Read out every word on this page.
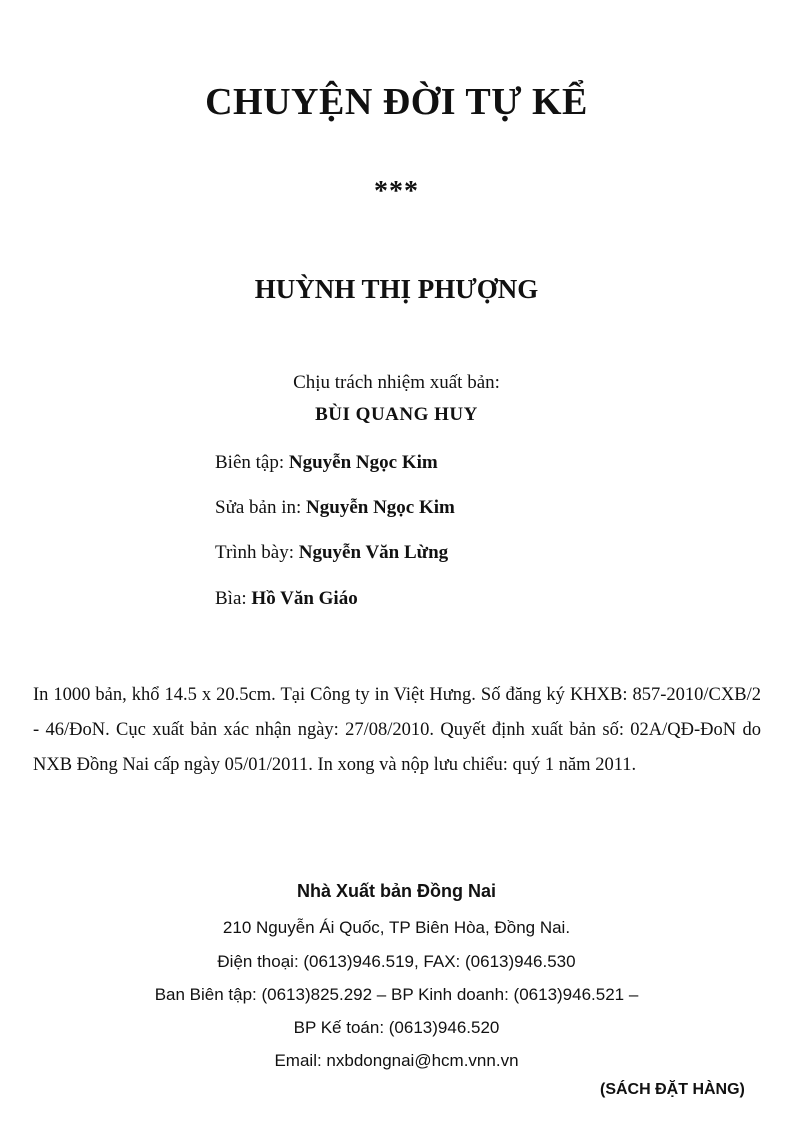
CHUYỆN ĐỜI TỰ KỂ
***
HUỲNH THỊ PHƯỢNG
Chịu trách nhiệm xuất bản:
BÙI QUANG HUY
Biên tập: Nguyễn Ngọc Kim
Sửa bản in: Nguyễn Ngọc Kim
Trình bày: Nguyễn Văn Lừng
Bìa: Hồ Văn Giáo

In 1000 bản, khổ 14.5 x 20.5cm. Tại Công ty in Việt Hưng. Số đăng ký KHXB: 857-2010/CXB/2 - 46/ĐoN. Cục xuất bản xác nhận ngày: 27/08/2010. Quyết định xuất bản số: 02A/QĐ-ĐoN do NXB Đồng Nai cấp ngày 05/01/2011. In xong và nộp lưu chiểu: quý 1 năm 2011.

Nhà Xuất bản Đồng Nai
210 Nguyễn Ái Quốc, TP Biên Hòa, Đồng Nai.
Điện thoại: (0613)946.519, FAX: (0613)946.530
Ban Biên tập: (0613)825.292 – BP Kinh doanh: (0613)946.521 –
BP Kế toán: (0613)946.520
Email: nxbdongnai@hcm.vnn.vn
(SÁCH ĐẶT HÀNG)
